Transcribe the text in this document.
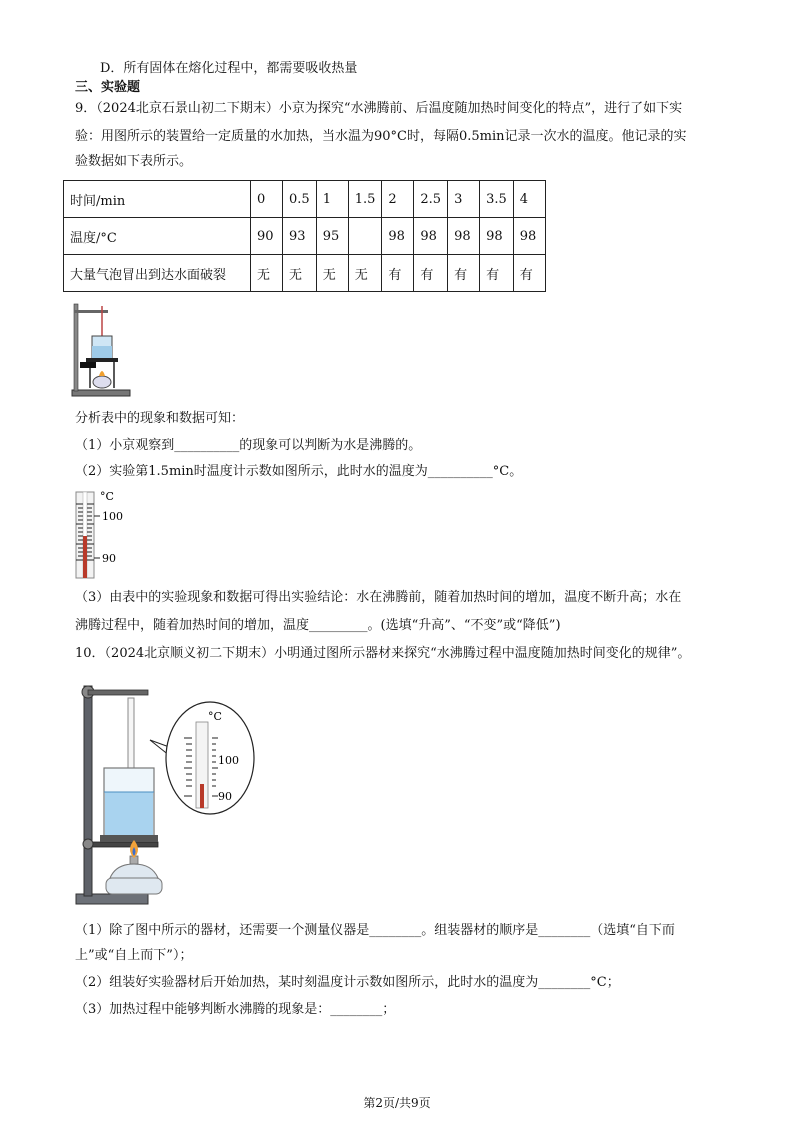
D．所有固体在熔化过程中，都需要吸收热量
三、实验题
9．（2024北京石景山初二下期末）小京为探究“水沸腾前、后温度随加热时间变化的特点”，进行了如下实
验：用图所示的装置给一定质量的水加热，当水温为90°C时，每隔0.5min记录一次水的温度。他记录的实
验数据如下表所示。
时间/min	0	0.5	1	1.5	2	2.5	3	3.5	4
温度/°C	90	93	95		98	98	98	98	98
大量气泡冒出到达水面破裂	无	无	无	无	有	有	有	有	有
分析表中的现象和数据可知：
（1）小京观察到__________的现象可以判断为水是沸腾的。
（2）实验第1.5min时温度计示数如图所示，此时水的温度为__________°C。
°C
100
90
（3）由表中的实验现象和数据可得出实验结论：水在沸腾前，随着加热时间的增加，温度不断升高；水在
沸腾过程中，随着加热时间的增加，温度_________。(选填“升高”、“不变”或“降低”)
10．（2024北京顺义初二下期末）小明通过图所示器材来探究“水沸腾过程中温度随加热时间变化的规律”。
°C
100
90
（1）除了图中所示的器材，还需要一个测量仪器是________。组装器材的顺序是________（选填“自下而
上”或“自上而下”）；
（2）组装好实验器材后开始加热，某时刻温度计示数如图所示，此时水的温度为________°C；
（3）加热过程中能够判断水沸腾的现象是：________；
第2页/共9页
